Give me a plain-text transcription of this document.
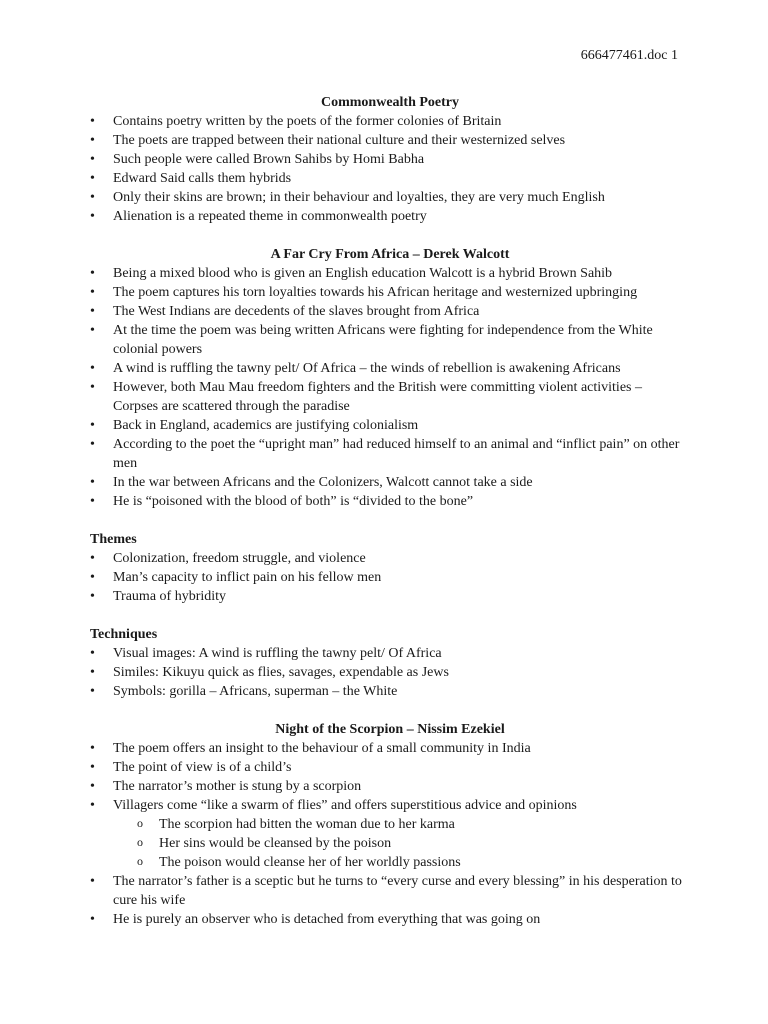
666477461.doc 1
Commonwealth Poetry
• Contains poetry written by the poets of the former colonies of Britain
• The poets are trapped between their national culture and their westernized selves
• Such people were called Brown Sahibs by Homi Babha
• Edward Said calls them hybrids
• Only their skins are brown; in their behaviour and loyalties, they are very much English
• Alienation is a repeated theme in commonwealth poetry
A Far Cry From Africa – Derek Walcott
• Being a mixed blood who is given an English education Walcott is a hybrid Brown Sahib
• The poem captures his torn loyalties towards his African heritage and westernized upbringing
• The West Indians are decedents of the slaves brought from Africa
• At the time the poem was being written Africans were fighting for independence from the White colonial powers
• A wind is ruffling the tawny pelt/ Of Africa – the winds of rebellion is awakening Africans
• However, both Mau Mau freedom fighters and the British were committing violent activities – Corpses are scattered through the paradise
• Back in England, academics are justifying colonialism
• According to the poet the “upright man” had reduced himself to an animal and “inflict pain” on other men
• In the war between Africans and the Colonizers, Walcott cannot take a side
• He is “poisoned with the blood of both” is “divided to the bone”
Themes
• Colonization, freedom struggle, and violence
• Man’s capacity to inflict pain on his fellow men
• Trauma of hybridity
Techniques
• Visual images: A wind is ruffling the tawny pelt/ Of Africa
• Similes: Kikuyu quick as flies, savages, expendable as Jews
• Symbols: gorilla – Africans, superman – the White
Night of the Scorpion – Nissim Ezekiel
• The poem offers an insight to the behaviour of a small community in India
• The point of view is of a child’s
• The narrator’s mother is stung by a scorpion
• Villagers come “like a swarm of flies” and offers superstitious advice and opinions
o The scorpion had bitten the woman due to her karma
o Her sins would be cleansed by the poison
o The poison would cleanse her of her worldly passions
• The narrator’s father is a sceptic but he turns to “every curse and every blessing” in his desperation to cure his wife
• He is purely an observer who is detached from everything that was going on
